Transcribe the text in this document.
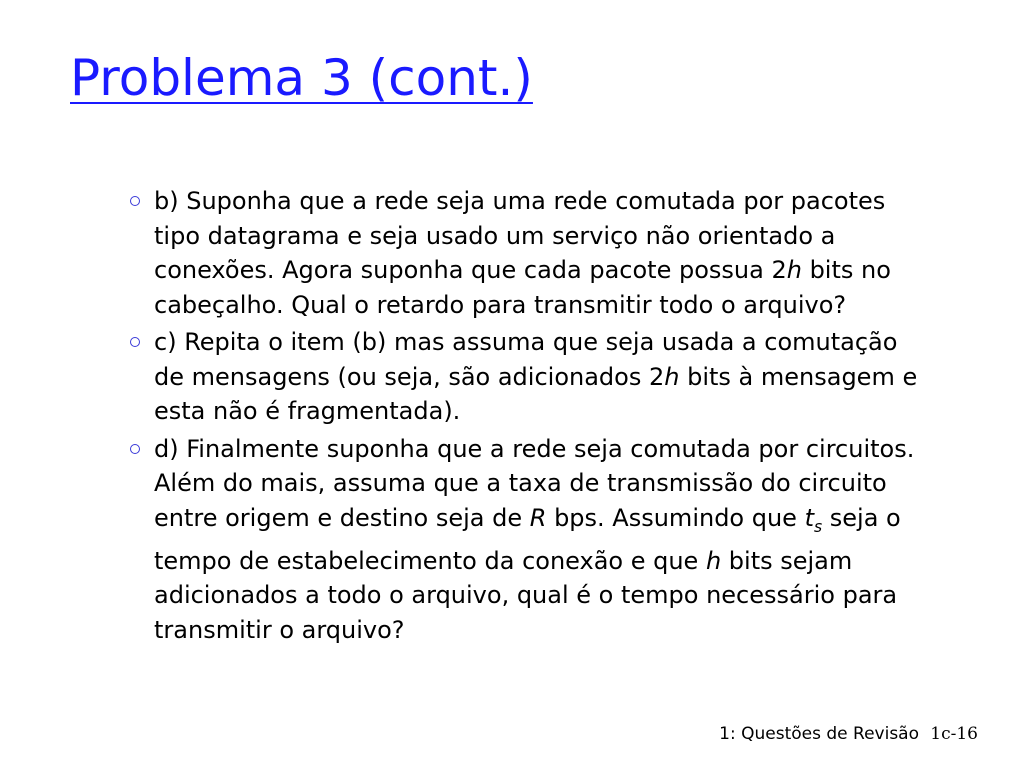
Problema 3 (cont.)
b) Suponha que a rede seja uma rede comutada por pacotes tipo datagrama e seja usado um serviço não orientado a conexões. Agora suponha que cada pacote possua 2h bits no cabeçalho. Qual o retardo para transmitir todo o arquivo?
c) Repita o item (b) mas assuma que seja usada a comutação de mensagens (ou seja, são adicionados 2h bits à mensagem e esta não é fragmentada).
d) Finalmente suponha que a rede seja comutada por circuitos. Além do mais, assuma que a taxa de transmissão do circuito entre origem e destino seja de R bps. Assumindo que $t_s$ seja o tempo de estabelecimento da conexão e que h bits sejam adicionados a todo o arquivo, qual é o tempo necessário para transmitir o arquivo?
1: Questões de Revisão 1c-16
